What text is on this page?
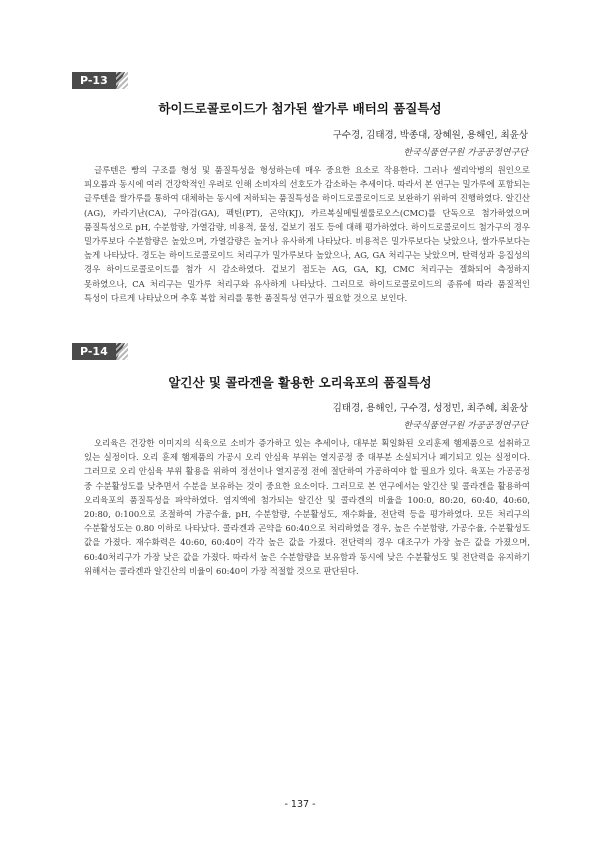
P-13
하이드로콜로이드가 첨가된 쌀가루 배터의 품질특성
구수경, 김태경, 박종대, 장혜원, 용해인, 최윤상
한국식품연구원 가공공정연구단
글루텐은 빵의 구조를 형성 및 품질특성을 형성하는데 매우 중요한 요소로 작용한다. 그러나 셀리악병의 원인으로 피오륨과 동시에 여러 건강학적인 우려로 인해 소비자의 선호도가 감소하는 추세이다. 따라서 본 연구는 밀가루에 포함되는 글루텐을 쌀가루를 통하여 대체하는 동시에 저하되는 품질특성을 하이드로콜로이드로 보완하기 위하여 진행하였다. 알긴산(AG), 카라기난(CA), 구아검(GA), 펙틴(PT), 곤약(KJ), 카르복실메틸셀룰로오스(CMC)를 단독으로 첨가하였으며 품질특성으로 pH, 수분함량, 가열감량, 비용적, 물성, 겉보기 점도 등에 대해 평가하였다. 하이드로콜로이드 첨가구의 경우 밀가루보다 수분함량은 높았으며, 가열감량은 높거나 유사하게 나타났다. 비용적은 밀가루보다는 낮았으나, 쌀가루보다는 높게 나타났다. 경도는 하이드로콜로이드 처리구가 밀가루보다 높았으나, AG, GA 처리구는 낮았으며, 탄력성과 응집성의 경우 하이드로콜로이드를 첨가 시 감소하였다. 겉보기 점도는 AG, GA, KJ, CMC 처리구는 겔화되어 측정하지 못하였으나, CA 처리구는 밀가루 처리구와 유사하게 나타났다. 그러므로 하이드로콜로이드의 종류에 따라 품질적인 특성이 다르게 나타났으며 추후 복합 처리를 통한 품질특성 연구가 필요할 것으로 보인다.
P-14
알긴산 및 콜라겐을 활용한 오리육포의 품질특성
김태경, 용해인, 구수경, 성정민, 최주혜, 최윤상
한국식품연구원 가공공정연구단
오리육은 건강한 이미지의 식육으로 소비가 증가하고 있는 추세이나, 대부분 획일화된 오리훈제 햄제품으로 섭취하고 있는 실정이다. 오리 훈제 햄제품의 가공시 오리 안심육 부위는 열지공정 중 대부분 소실되거나 폐기되고 있는 실정이다. 그러므로 오리 안심육 부위 활용을 위하여 정선이나 열지공정 전에 절단하여 가공하여야 할 필요가 있다. 육포는 가공공정 중 수분활성도를 낮추면서 수분을 보유하는 것이 중요한 요소이다. 그러므로 본 연구에서는 알긴산 및 콜라겐을 활용하여 오리육포의 품질특성을 파악하였다. 염지액에 첨가되는 알긴산 및 콜라겐의 비율을 100:0, 80:20, 60:40, 40:60, 20:80, 0:100으로 조절하여 가공수율, pH, 수분함량, 수분활성도, 재수화율, 전단력 등을 평가하였다. 모든 처리구의 수분활성도는 0.80 이하로 나타났다. 콜라겐과 곤약을 60:40으로 처리하였을 경우, 높은 수분함량, 가공수율, 수분활성도 값을 가졌다. 재수화력은 40:60, 60:40이 각각 높은 값을 가졌다. 전단력의 경우 대조구가 가장 높은 값을 가졌으며, 60:40처리구가 가장 낮은 값을 가졌다. 따라서 높은 수분함량을 보유함과 동시에 낮은 수분활성도 및 전단력을 유지하기 위해서는 콜라겐과 알긴산의 비율이 60:40이 가장 적절할 것으로 판단된다.
- 137 -
